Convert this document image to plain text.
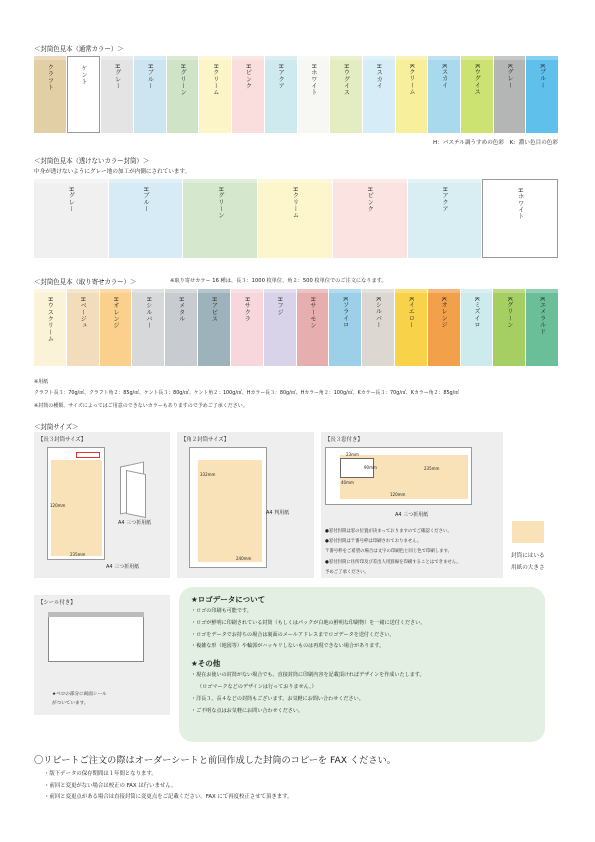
＜封筒色見本（通常カラー）＞
クラフト	ケント	Hグレー	Hブルー	Hグリーン	Hクリーム	Hピンク	Hアクア	Hホワイト	Hウグイス	Hスカイ	Kクリーム	Kスカイ	Kウグイス	Kグレー	Kブルー
H：パステル調うすめの色彩　K：濃い色目の色彩
＜封筒色見本（透けないカラー封筒）＞
中身が透けないようにグレー地の加工が内側にされています。
Hグレー	Hブルー	Hグリーン	Hクリーム	Hピンク	Hアクア	Hホワイト
＜封筒色見本（取り寄せカラー）＞	※取り寄せカラー 16 種は、長３：1000 枚単位、角２：500 枚単位でのご注文になります。
Hウスクリーム	Hベージュ	Hオレンジ	Hシルバー	Hメタル	Hアビス	Hサクラ	Hフジ	Hサーモン	Kソライロ	Kシルバー	Kイエロー	Kオレンジ	Kミズイロ	Kグリーン	Kエメラルド
※用紙
クラフト長３：70g/㎡、クラフト角２：85g/㎡、ケント長３：80g/㎡、ケント角２：100g/㎡、Hカラー長３：80g/㎡、Hカラー角２：100g/㎡、Kカラー長３：70g/㎡、Kカラー角２：85g/㎡
※封筒の種類、サイズによってはご用意のできないカラーもありますので予めご了承ください。
＜封筒サイズ＞
【長３封筒サイズ】
120mm
235mm
A4 三つ折用紙
A4 三つ折用紙
【角２封筒サイズ】
332mm
240mm
A4 判用紙
【長３窓付き】
23mm
90mm	235mm
40mm
120mm
A4 三つ折用紙
●窓付封筒は窓の位置が決まっておりますのでご確認ください。
●窓付封筒は〒番号枠は印刷されておりません。
〒番号枠をご希望の場合は文字の印刷色と同じ色で印刷します。
●窓付封筒に住所印及び差出人用罫線を印刷することはできません。
予めご了承ください。
封筒にはいる
用紙の大きさ
【シール付き】
★ベロの部分に両面シール
がついています。
★ロゴデータについて
・ロゴの印刷も可能です。
・ロゴが鮮明に印刷されている封筒（もしくはパックが白地の鮮明な印刷物）を一緒に送付ください。
・ロゴをデータでお持ちの場合は裏面のメールアドレスまでロゴデータを送付ください。
・複雑な形（地図等）や輪郭がハッキリしないものは再現できない場合があります。
★その他
・現在お使いの封筒がない場合でも、直接封筒に印刷内容を記載頂ければデザインを作成いたします。
（ロゴマークなどのデザインは行っておりません。）
・洋長３、長４などの封筒もございます。お気軽にお問い合わせください。
・ご不明な点はお気軽にお問い合わせください。
〇リピートご注文の際はオーダーシートと前回作成した封筒のコピーを FAX ください。
・版下データの保存期間は１年間となります。
・前回と変更がない場合は校正の FAX は行いません。
・前回と変更点がある場合は直接封筒に変更点をご記載ください。FAX にて再度校正させて頂きます。
